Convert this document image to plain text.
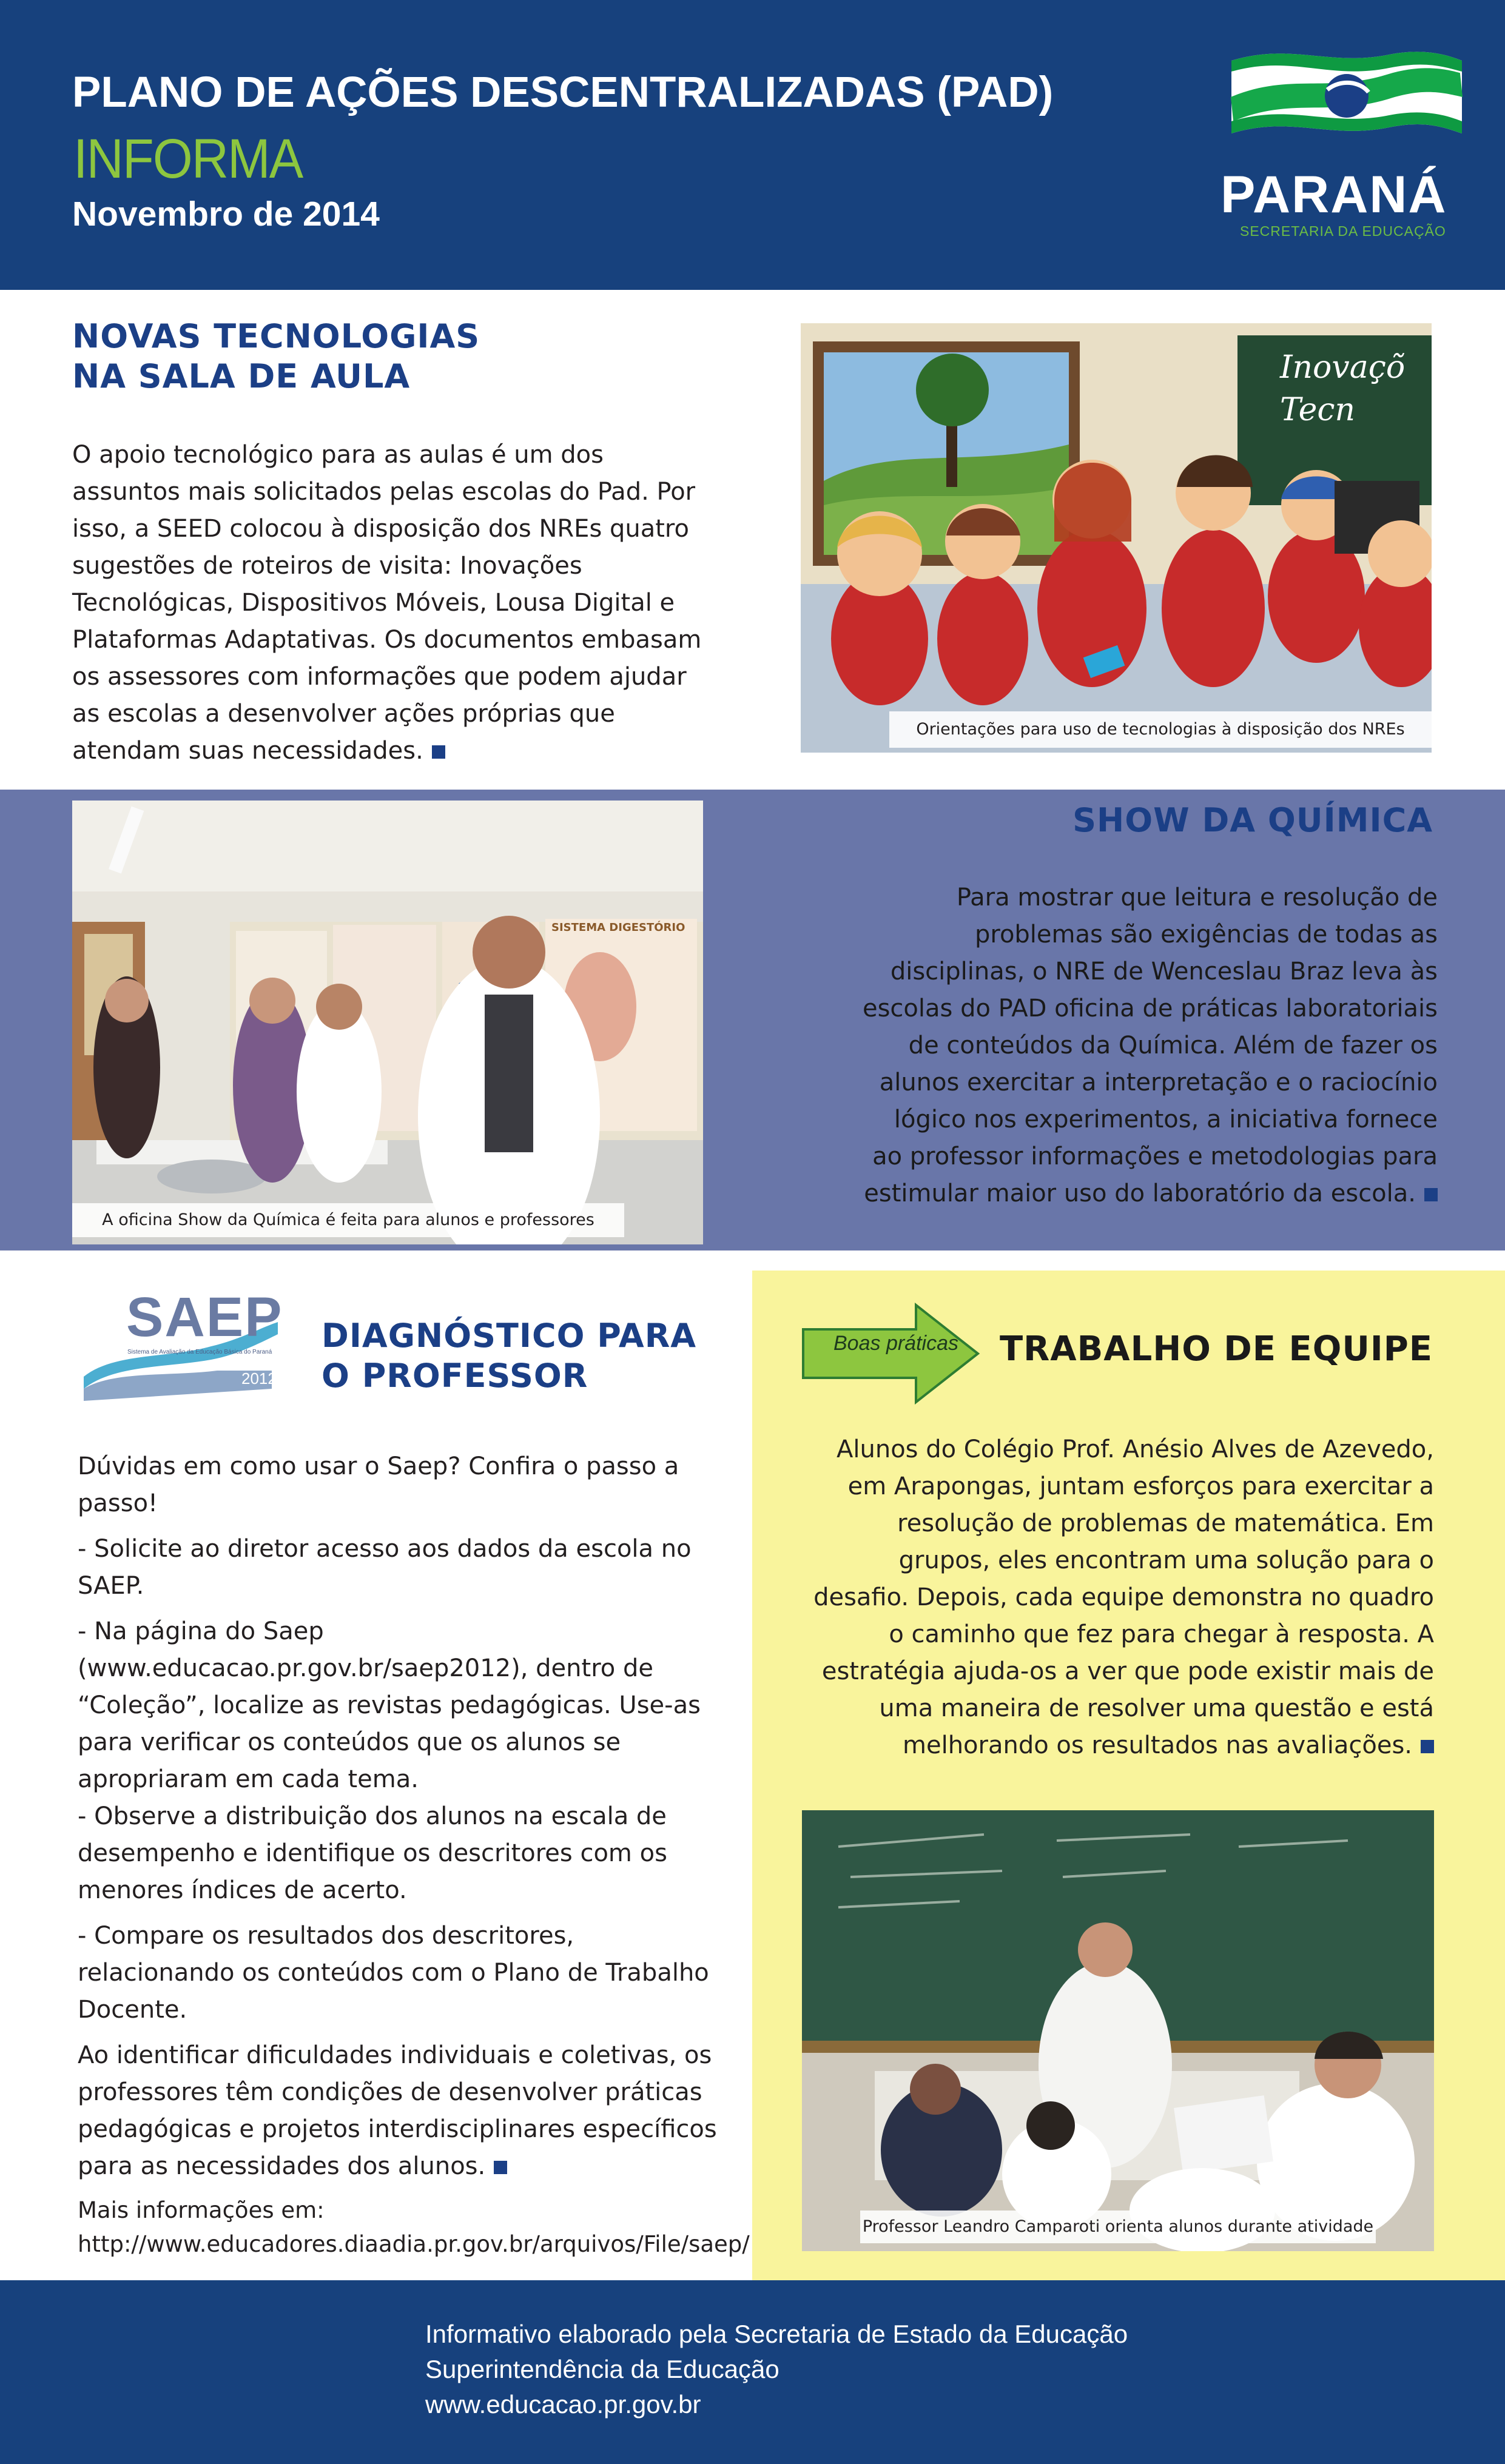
PLANO DE AÇÕES DESCENTRALIZADAS (PAD)
INFORMA
Novembro de 2014	PARANÁ
SECRETARIA DA EDUCAÇÃO
NOVAS TECNOLOGIAS
NA SALA DE AULA
O apoio tecnológico para as aulas é um dos assuntos mais solicitados pelas escolas do Pad. Por isso, a SEED colocou à disposição dos NREs quatro sugestões de roteiros de visita: Inovações Tecnológicas, Dispositivos Móveis, Lousa Digital e Plataformas Adaptativas. Os documentos embasam os assessores com informações que podem ajudar as escolas a desenvolver ações próprias que atendam suas necessidades.
Inovaçõ
Tecn
Orientações para uso de tecnologias à disposição dos NREs
SISTEMA DIGESTÓRIO
A oficina Show da Química é feita para alunos e professores
SHOW DA QUÍMICA
Para mostrar que leitura e resolução de problemas são exigências de todas as disciplinas, o NRE de Wenceslau Braz leva às escolas do PAD oficina de práticas laboratoriais de conteúdos da Química. Além de fazer os alunos exercitar a interpretação e o raciocínio lógico nos experimentos, a iniciativa fornece ao professor informações e metodologias para estimular maior uso do laboratório da escola.
SAEP
Sistema de Avaliação da Educação Básica do Paraná
2012
DIAGNÓSTICO PARA
O PROFESSOR

Dúvidas em como usar o Saep? Confira o passo a passo!

- Solicite ao diretor acesso aos dados da escola no SAEP.

- Na página do Saep (www.educacao.pr.gov.br/saep2012), dentro de “Coleção”, localize as revistas pedagógicas. Use-as para verificar os conteúdos que os alunos se apropriaram em cada tema.

- Observe a distribuição dos alunos na escala de desempenho e identifique os descritores com os menores índices de acerto.

- Compare os resultados dos descritores, relacionando os conteúdos com o Plano de Trabalho Docente.

Ao identificar dificuldades individuais e coletivas, os professores têm condições de desenvolver práticas pedagógicas e projetos interdisciplinares específicos para as necessidades dos alunos.

Mais informações em: http://www.educadores.diaadia.pr.gov.br/arquivos/File/saep/

Boas práticas	TRABALHO DE EQUIPE
Alunos do Colégio Prof. Anésio Alves de Azevedo, em Arapongas, juntam esforços para exercitar a resolução de problemas de matemática. Em grupos, eles encontram uma solução para o desafio. Depois, cada equipe demonstra no quadro o caminho que fez para chegar à resposta. A estratégia ajuda-os a ver que pode existir mais de uma maneira de resolver uma questão e está melhorando os resultados nas avaliações.
Professor Leandro Camparoti orienta alunos durante atividade
Informativo elaborado pela Secretaria de Estado da Educação
Superintendência da Educação
www.educacao.pr.gov.br
